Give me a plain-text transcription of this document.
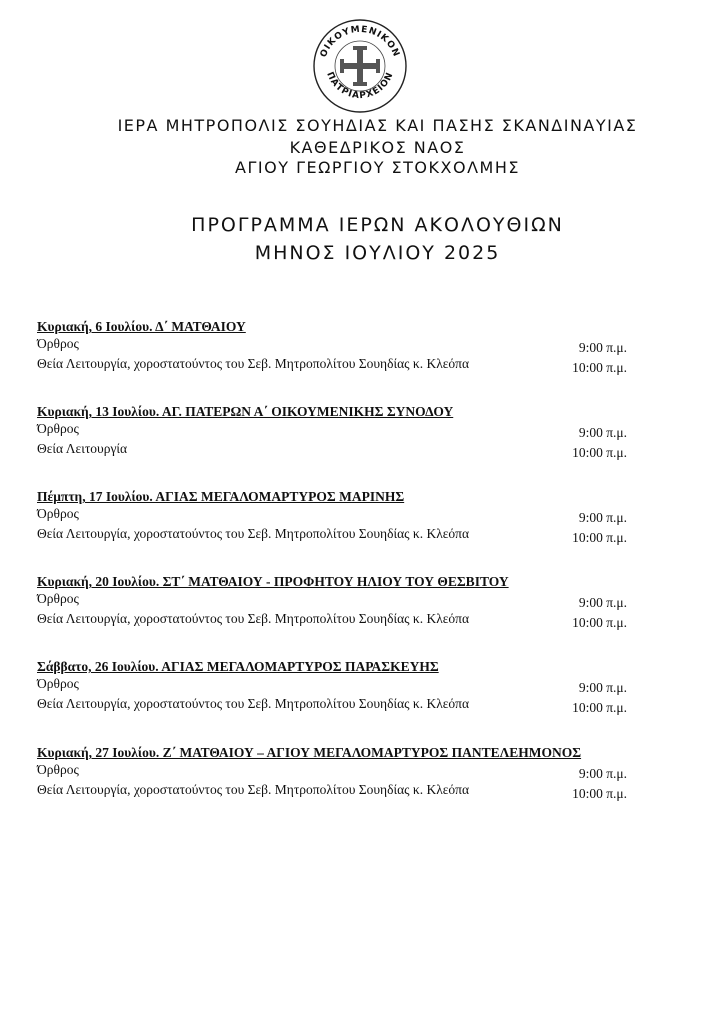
ΟΙΚΟΥΜΕΝΙΚΟΝ
ΠΑΤΡΙΑΡΧΕΙΟΝ
ΙΕΡΑ ΜΗΤΡΟΠΟΛΙΣ ΣΟΥΗΔΙΑΣ ΚΑΙ ΠΑΣΗΣ ΣΚΑΝΔΙΝΑΥΙΑΣ
ΚΑΘΕΔΡΙΚΟΣ ΝΑΟΣ
ΑΓΙΟΥ ΓΕΩΡΓΙΟΥ ΣΤΟΚΧΟΛΜΗΣ
ΠΡΟΓΡΑΜΜΑ ΙΕΡΩΝ ΑΚΟΛΟΥΘΙΩΝ
ΜΗΝΟΣ ΙΟΥΛΙΟΥ 2025
Κυριακή, 6 Ιουλίου. Δ΄ ΜΑΤΘΑΙΟΥ
Όρθρος	9:00 π.μ.
Θεία Λειτουργία, χοροστατούντος του Σεβ. Μητροπολίτου Σουηδίας κ. Κλεόπα	10:00 π.μ.
Κυριακή, 13 Ιουλίου. ΑΓ. ΠΑΤΕΡΩΝ Α΄ ΟΙΚΟΥΜΕΝΙΚΗΣ ΣΥΝΟΔΟΥ
Όρθρος	9:00 π.μ.
Θεία Λειτουργία	10:00 π.μ.
Πέμπτη, 17 Ιουλίου. ΑΓΙΑΣ ΜΕΓΑΛΟΜΑΡΤΥΡΟΣ ΜΑΡΙΝΗΣ
Όρθρος	9:00 π.μ.
Θεία Λειτουργία, χοροστατούντος του Σεβ. Μητροπολίτου Σουηδίας κ. Κλεόπα	10:00 π.μ.
Κυριακή, 20 Ιουλίου. ΣΤ΄ ΜΑΤΘΑΙΟΥ - ΠΡΟΦΗΤΟΥ ΗΛΙΟΥ ΤΟΥ ΘΕΣΒΙΤΟΥ
Όρθρος	9:00 π.μ.
Θεία Λειτουργία, χοροστατούντος του Σεβ. Μητροπολίτου Σουηδίας κ. Κλεόπα	10:00 π.μ.
Σάββατο, 26 Ιουλίου. ΑΓΙΑΣ ΜΕΓΑΛΟΜΑΡΤΥΡΟΣ ΠΑΡΑΣΚΕΥΗΣ
Όρθρος	9:00 π.μ.
Θεία Λειτουργία, χοροστατούντος του Σεβ. Μητροπολίτου Σουηδίας κ. Κλεόπα	10:00 π.μ.
Κυριακή, 27 Ιουλίου. Ζ΄ ΜΑΤΘΑΙΟΥ – ΑΓΙΟΥ ΜΕΓΑΛΟΜΑΡΤΥΡΟΣ ΠΑΝΤΕΛΕΗΜΟΝΟΣ
Όρθρος	9:00 π.μ.
Θεία Λειτουργία, χοροστατούντος του Σεβ. Μητροπολίτου Σουηδίας κ. Κλεόπα	10:00 π.μ.
